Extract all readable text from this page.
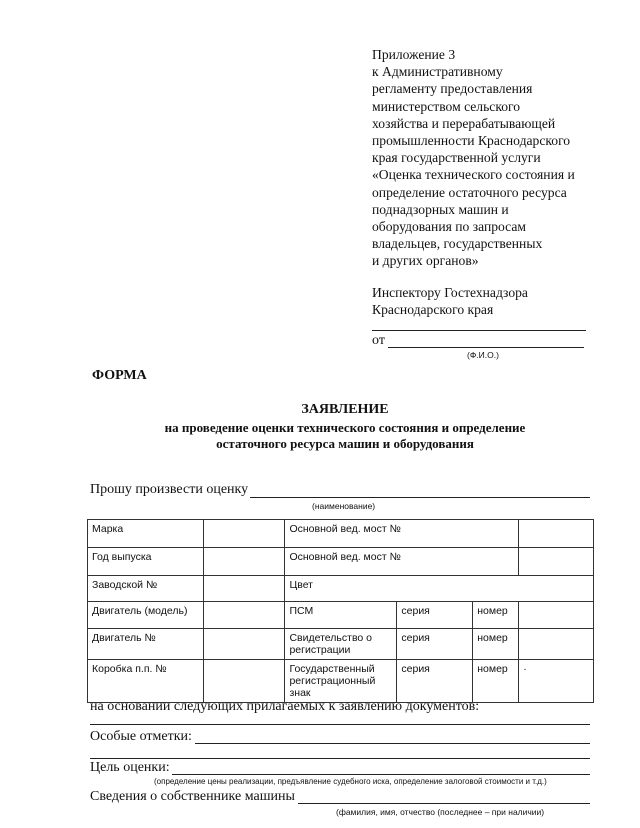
Приложение 3
к Административному
регламенту предоставления
министерством сельского
хозяйства и перерабатывающей
промышленности Краснодарского
края государственной услуги
«Оценка технического состояния и
определение остаточного ресурса
поднадзорных машин и
оборудования по запросам
владельцев, государственных
и других органов»
Инспектору Гостехнадзора
Краснодарского края
от
(Ф.И.О.)
ФОРМА
ЗАЯВЛЕНИЕ
на проведение оценки технического состояния и определение
остаточного ресурса машин и оборудования
Прошу произвести оценку
(наименование)
Марка		Основной вед. мост №			
Год выпуска		Основной вед. мост №			
Заводской №		Цвет			
Двигатель (модель)		ПСМ	серия	номер	
Двигатель №		Свидетельство о регистрации	серия	номер	
Коробка п.п. №		Государственный регистрационный знак	серия	номер	·
на основании следующих прилагаемых к заявлению документов:
Особые отметки:
Цель оценки:
(определение цены реализации, предъявление судебного иска, определение залоговой стоимости и т.д.)
Сведения о собственнике машины
(фамилия, имя, отчество (последнее – при наличии)
